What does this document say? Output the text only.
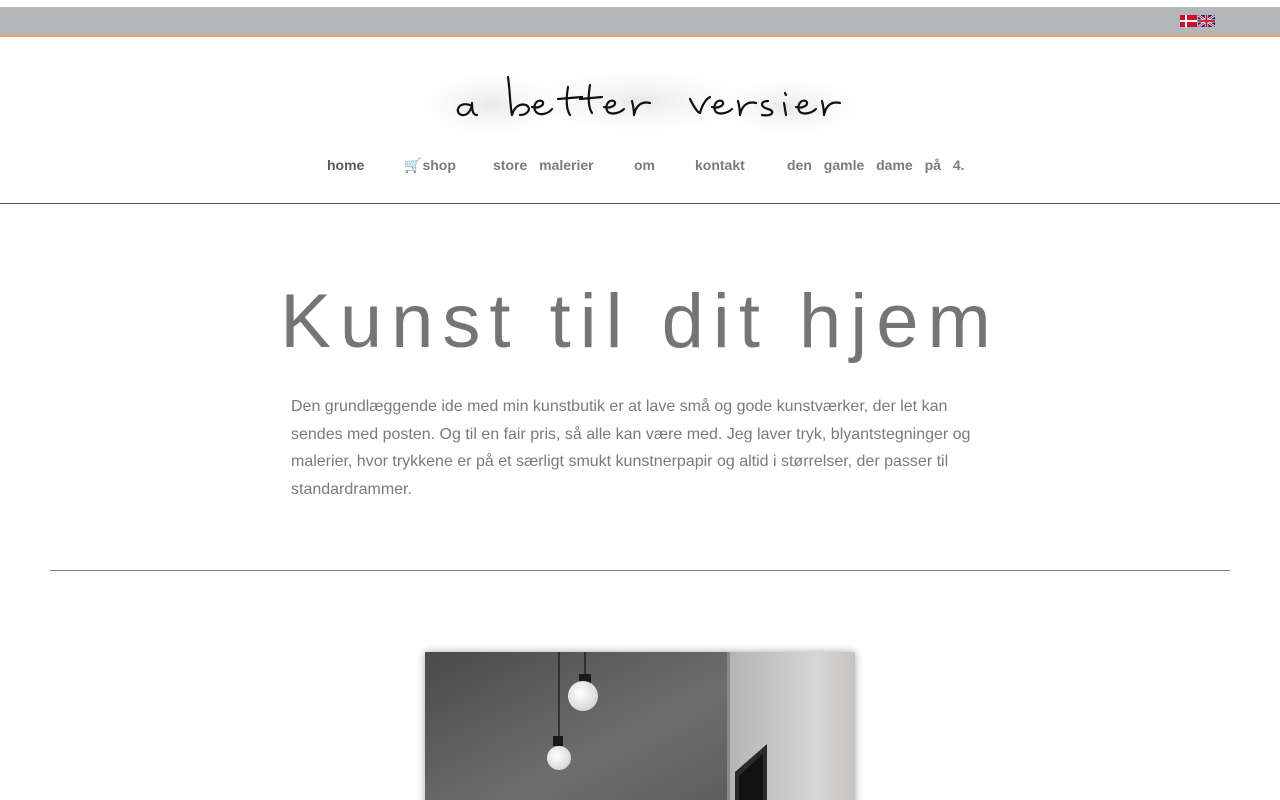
a better version
home	🛒shop	store malerier	om	kontakt	den gamle dame på 4.
Kunst til dit hjem

Den grundlæggende ide med min kunstbutik er at lave små og gode kunstværker, der let kan sendes med posten. Og til en fair pris, så alle kan være med. Jeg laver tryk, blyantstegninger og malerier, hvor trykkene er på et særligt smukt kunstnerpapir og altid i størrelser, der passer til standardrammer.
